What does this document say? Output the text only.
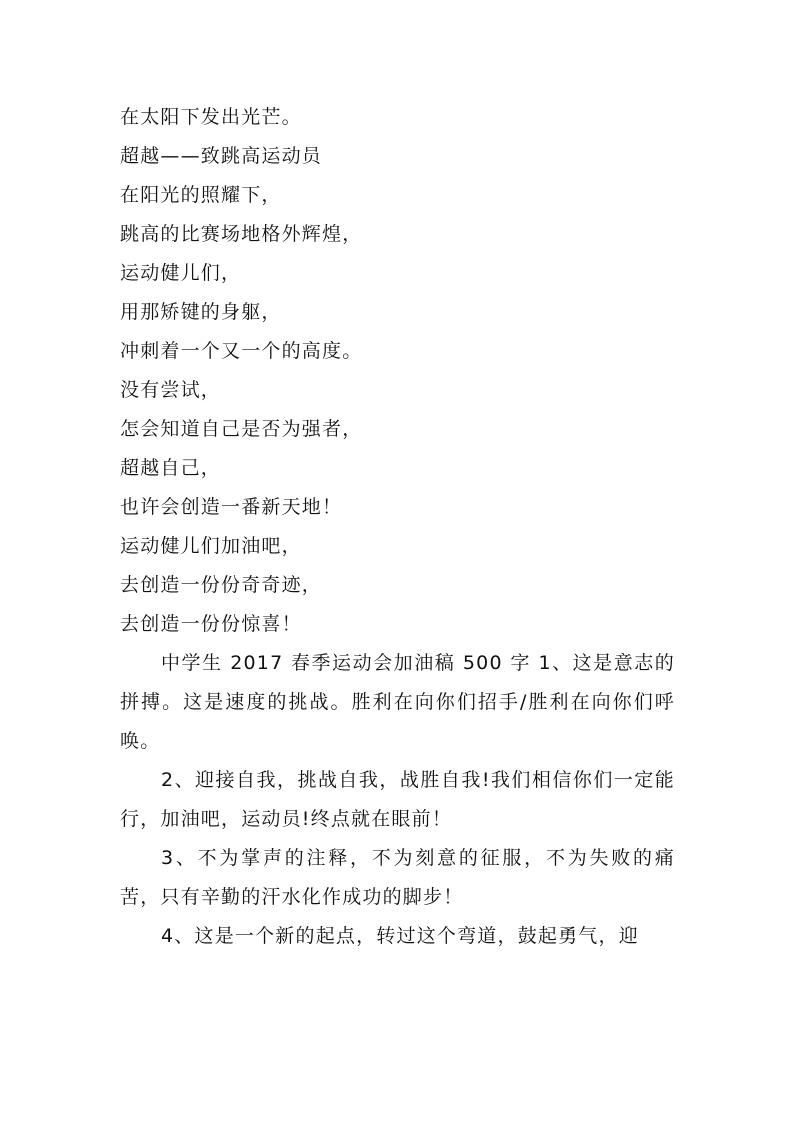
在太阳下发出光芒。
超越——致跳高运动员
在阳光的照耀下，
跳高的比赛场地格外辉煌，
运动健儿们，
用那矫键的身躯，
冲刺着一个又一个的高度。
没有尝试，
怎会知道自己是否为强者，
超越自己，
也许会创造一番新天地！
运动健儿们加油吧，
去创造一份份奇奇迹，
去创造一份份惊喜！

中学生 2017 春季运动会加油稿 500 字 1、这是意志的拼搏。这是速度的挑战。胜利在向你们招手/胜利在向你们呼唤。

2、迎接自我，挑战自我，战胜自我!我们相信你们一定能行，加油吧，运动员!终点就在眼前！

3、不为掌声的注释，不为刻意的征服，不为失败的痛苦，只有辛勤的汗水化作成功的脚步！

4、这是一个新的起点，转过这个弯道，鼓起勇气，迎
